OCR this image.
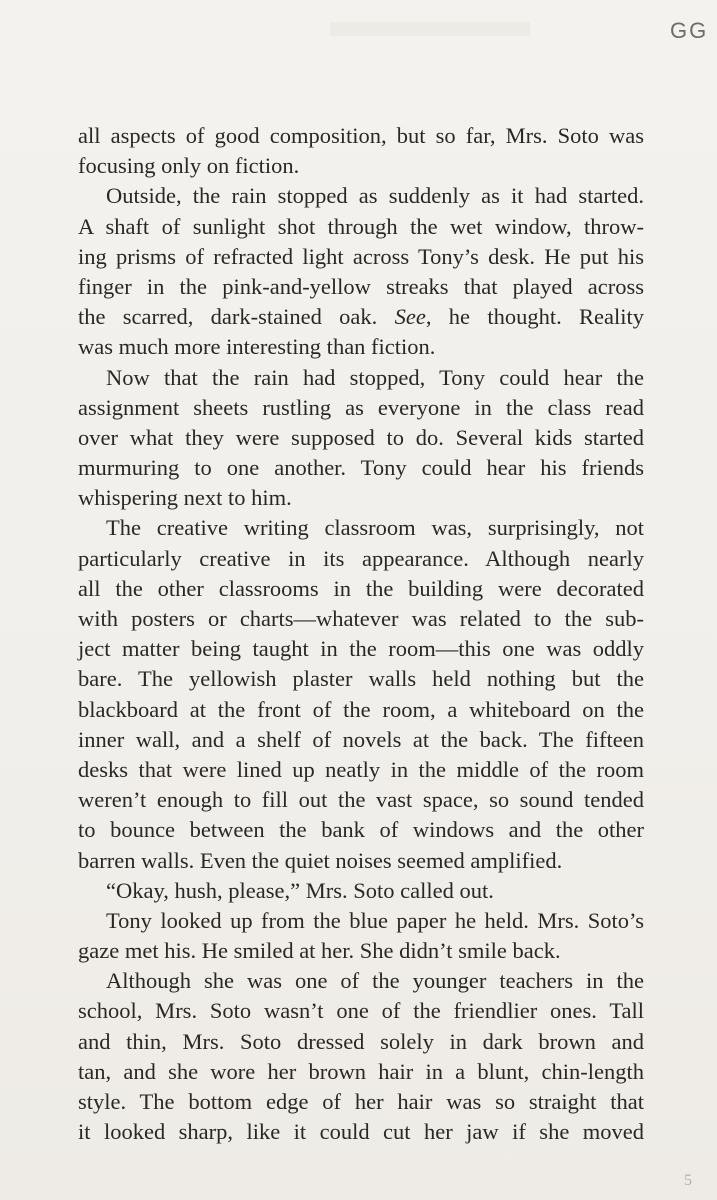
GG
all aspects of good composition, but so far, Mrs. Soto was
focusing only on fiction.
Outside, the rain stopped as suddenly as it had started.
A shaft of sunlight shot through the wet window, throw-
ing prisms of refracted light across Tony’s desk. He put his
finger in the pink-and-yellow streaks that played across
the scarred, dark-stained oak. See, he thought. Reality
was much more interesting than fiction.
Now that the rain had stopped, Tony could hear the
assignment sheets rustling as everyone in the class read
over what they were supposed to do. Several kids started
murmuring to one another. Tony could hear his friends
whispering next to him.
The creative writing classroom was, surprisingly, not
particularly creative in its appearance. Although nearly
all the other classrooms in the building were decorated
with posters or charts—whatever was related to the sub-
ject matter being taught in the room—this one was oddly
bare. The yellowish plaster walls held nothing but the
blackboard at the front of the room, a whiteboard on the
inner wall, and a shelf of novels at the back. The fifteen
desks that were lined up neatly in the middle of the room
weren’t enough to fill out the vast space, so sound tended
to bounce between the bank of windows and the other
barren walls. Even the quiet noises seemed amplified.
“Okay, hush, please,” Mrs. Soto called out.
Tony looked up from the blue paper he held. Mrs. Soto’s
gaze met his. He smiled at her. She didn’t smile back.
Although she was one of the younger teachers in the
school, Mrs. Soto wasn’t one of the friendlier ones. Tall
and thin, Mrs. Soto dressed solely in dark brown and
tan, and she wore her brown hair in a blunt, chin-length
style. The bottom edge of her hair was so straight that
it looked sharp, like it could cut her jaw if she moved
5
